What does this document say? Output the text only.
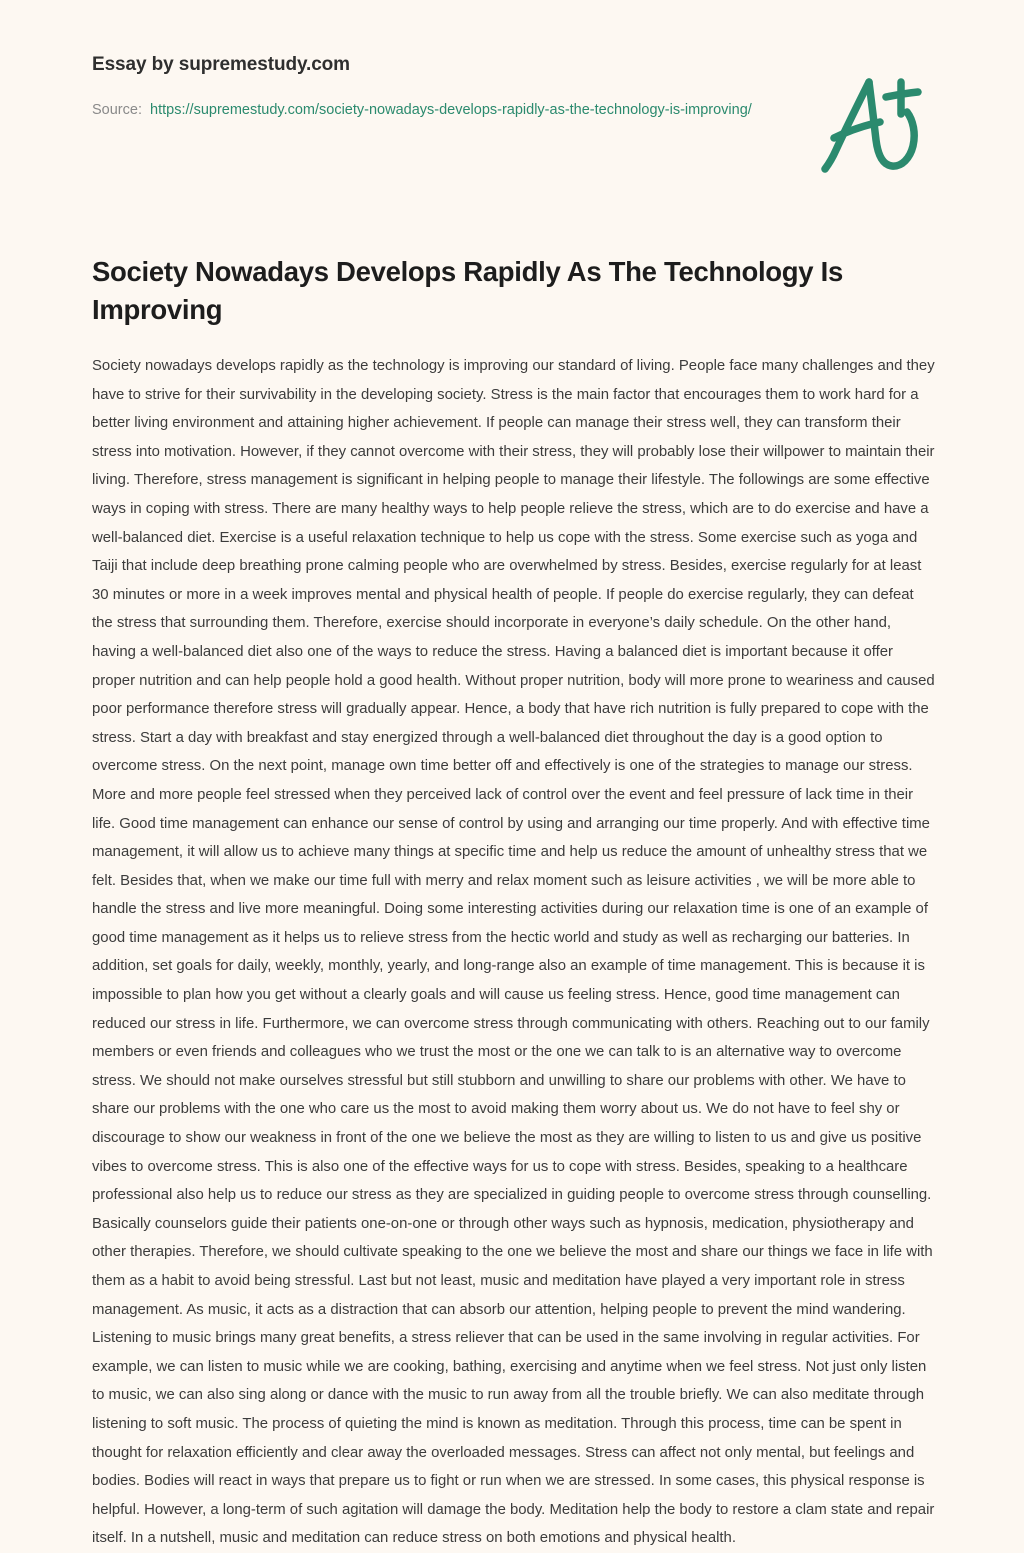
Essay by supremestudy.com
Source: https://supremestudy.com/society-nowadays-develops-rapidly-as-the-technology-is-improving/
Society Nowadays Develops Rapidly As The Technology Is Improving

Society nowadays develops rapidly as the technology is improving our standard of living. People face many challenges and they have to strive for their survivability in the developing society. Stress is the main factor that encourages them to work hard for a better living environment and attaining higher achievement. If people can manage their stress well, they can transform their stress into motivation. However, if they cannot overcome with their stress, they will probably lose their willpower to maintain their living. Therefore, stress management is significant in helping people to manage their lifestyle. The followings are some effective ways in coping with stress. There are many healthy ways to help people relieve the stress, which are to do exercise and have a well-balanced diet. Exercise is a useful relaxation technique to help us cope with the stress. Some exercise such as yoga and Taiji that include deep breathing prone calming people who are overwhelmed by stress. Besides, exercise regularly for at least 30 minutes or more in a week improves mental and physical health of people. If people do exercise regularly, they can defeat the stress that surrounding them. Therefore, exercise should incorporate in everyone’s daily schedule. On the other hand, having a well-balanced diet also one of the ways to reduce the stress. Having a balanced diet is important because it offer proper nutrition and can help people hold a good health. Without proper nutrition, body will more prone to weariness and caused poor performance therefore stress will gradually appear. Hence, a body that have rich nutrition is fully prepared to cope with the stress. Start a day with breakfast and stay energized through a well-balanced diet throughout the day is a good option to overcome stress. On the next point, manage own time better off and effectively is one of the strategies to manage our stress. More and more people feel stressed when they perceived lack of control over the event and feel pressure of lack time in their life. Good time management can enhance our sense of control by using and arranging our time properly. And with effective time management, it will allow us to achieve many things at specific time and help us reduce the amount of unhealthy stress that we felt. Besides that, when we make our time full with merry and relax moment such as leisure activities , we will be more able to handle the stress and live more meaningful. Doing some interesting activities during our relaxation time is one of an example of good time management as it helps us to relieve stress from the hectic world and study as well as recharging our batteries. In addition, set goals for daily, weekly, monthly, yearly, and long-range also an example of time management. This is because it is impossible to plan how you get without a clearly goals and will cause us feeling stress. Hence, good time management can reduced our stress in life. Furthermore, we can overcome stress through communicating with others. Reaching out to our family members or even friends and colleagues who we trust the most or the one we can talk to is an alternative way to overcome stress. We should not make ourselves stressful but still stubborn and unwilling to share our problems with other. We have to share our problems with the one who care us the most to avoid making them worry about us. We do not have to feel shy or discourage to show our weakness in front of the one we believe the most as they are willing to listen to us and give us positive vibes to overcome stress. This is also one of the effective ways for us to cope with stress. Besides, speaking to a healthcare professional also help us to reduce our stress as they are specialized in guiding people to overcome stress through counselling. Basically counselors guide their patients one-on-one or through other ways such as hypnosis, medication, physiotherapy and other therapies. Therefore, we should cultivate speaking to the one we believe the most and share our things we face in life with them as a habit to avoid being stressful. Last but not least, music and meditation have played a very important role in stress management. As music, it acts as a distraction that can absorb our attention, helping people to prevent the mind wandering. Listening to music brings many great benefits, a stress reliever that can be used in the same involving in regular activities. For example, we can listen to music while we are cooking, bathing, exercising and anytime when we feel stress. Not just only listen to music, we can also sing along or dance with the music to run away from all the trouble briefly. We can also meditate through listening to soft music. The process of quieting the mind is known as meditation. Through this process, time can be spent in thought for relaxation efficiently and clear away the overloaded messages. Stress can affect not only mental, but feelings and bodies. Bodies will react in ways that prepare us to fight or run when we are stressed. In some cases, this physical response is helpful. However, a long-term of such agitation will damage the body. Meditation help the body to restore a clam state and repair itself. In a nutshell, music and meditation can reduce stress on both emotions and physical health.
